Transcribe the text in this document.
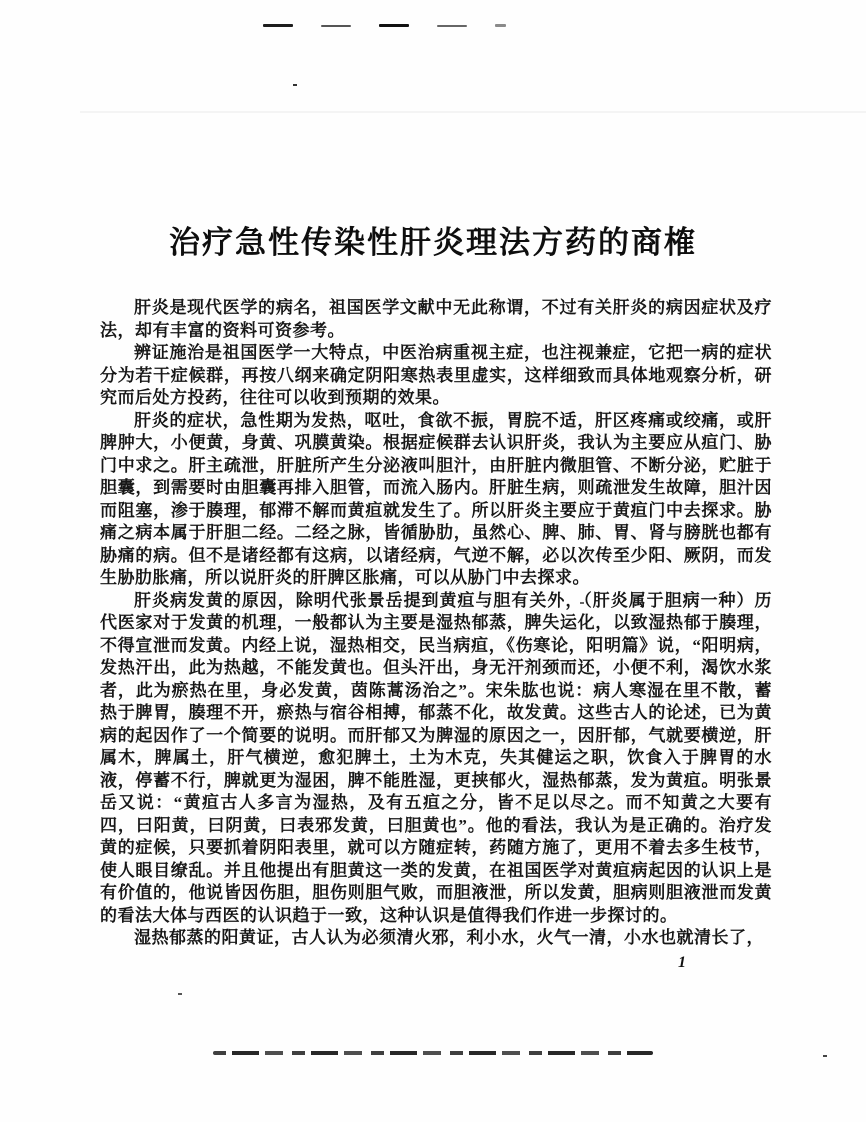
治疗急性传染性肝炎理法方药的商榷

肝炎是现代医学的病名，祖国医学文献中无此称谓，不过有关肝炎的病因症状及疗法，却有丰富的资料可资参考。

辨证施治是祖国医学一大特点，中医治病重视主症，也注视兼症，它把一病的症状分为若干症候群，再按八纲来确定阴阳寒热表里虚实，这样细致而具体地观察分析，研究而后处方投药，往往可以收到预期的效果。

肝炎的症状，急性期为发热，呕吐，食欲不振，胃脘不适，肝区疼痛或绞痛，或肝脾肿大，小便黄，身黄、巩膜黄染。根据症候群去认识肝炎，我认为主要应从疸门、胁门中求之。肝主疏泄，肝脏所产生分泌液叫胆汁，由肝脏内微胆管、不断分泌，贮脏于胆囊，到需要时由胆囊再排入胆管，而流入肠内。肝脏生病，则疏泄发生故障，胆汁因而阻塞，渗于腠理，郁滞不解而黄疸就发生了。所以肝炎主要应于黄疸门中去探求。胁痛之病本属于肝胆二经。二经之脉，皆循胁肋，虽然心、脾、肺、胃、肾与膀胱也都有胁痛的病。但不是诸经都有这病，以诸经病，气逆不解，必以次传至少阳、厥阴，而发生胁肋胀痛，所以说肝炎的肝脾区胀痛，可以从胁门中去探求。

肝炎病发黄的原因，除明代张景岳提到黄疸与胆有关外，（肝炎属于胆病一种）历代医家对于发黄的机理，一般都认为主要是湿热郁蒸，脾失运化，以致湿热郁于腠理，不得宣泄而发黄。内经上说，湿热相交，民当病疸，《伤寒论，阳明篇》说，“阳明病，发热汗出，此为热越，不能发黄也。但头汗出，身无汗剂颈而还，小便不利，渴饮水浆者，此为瘀热在里，身必发黄，茵陈蒿汤治之”。宋朱肱也说：病人寒湿在里不散，蓄热于脾胃，腠理不开，瘀热与宿谷相搏，郁蒸不化，故发黄。这些古人的论述，已为黄病的起因作了一个简要的说明。而肝郁又为脾湿的原因之一，因肝郁，气就要横逆，肝属木，脾属土，肝气横逆，愈犯脾土，土为木克，失其健运之职，饮食入于脾胃的水液，停蓄不行，脾就更为湿困，脾不能胜湿，更挟郁火，湿热郁蒸，发为黄疸。明张景岳又说：“黄疸古人多言为湿热，及有五疸之分，皆不足以尽之。而不知黄之大要有四，曰阳黄，曰阴黄，曰表邪发黄，曰胆黄也”。他的看法，我认为是正确的。治疗发黄的症候，只要抓着阴阳表里，就可以方随症转，药随方施了，更用不着去多生枝节，使人眼目缭乱。并且他提出有胆黄这一类的发黄，在祖国医学对黄疸病起因的认识上是有价值的，他说皆因伤胆，胆伤则胆气败，而胆液泄，所以发黄，胆病则胆液泄而发黄的看法大体与西医的认识趋于一致，这种认识是值得我们作进一步探讨的。

湿热郁蒸的阳黄证，古人认为必须清火邪，利小水，火气一清，小水也就清长了，

1
